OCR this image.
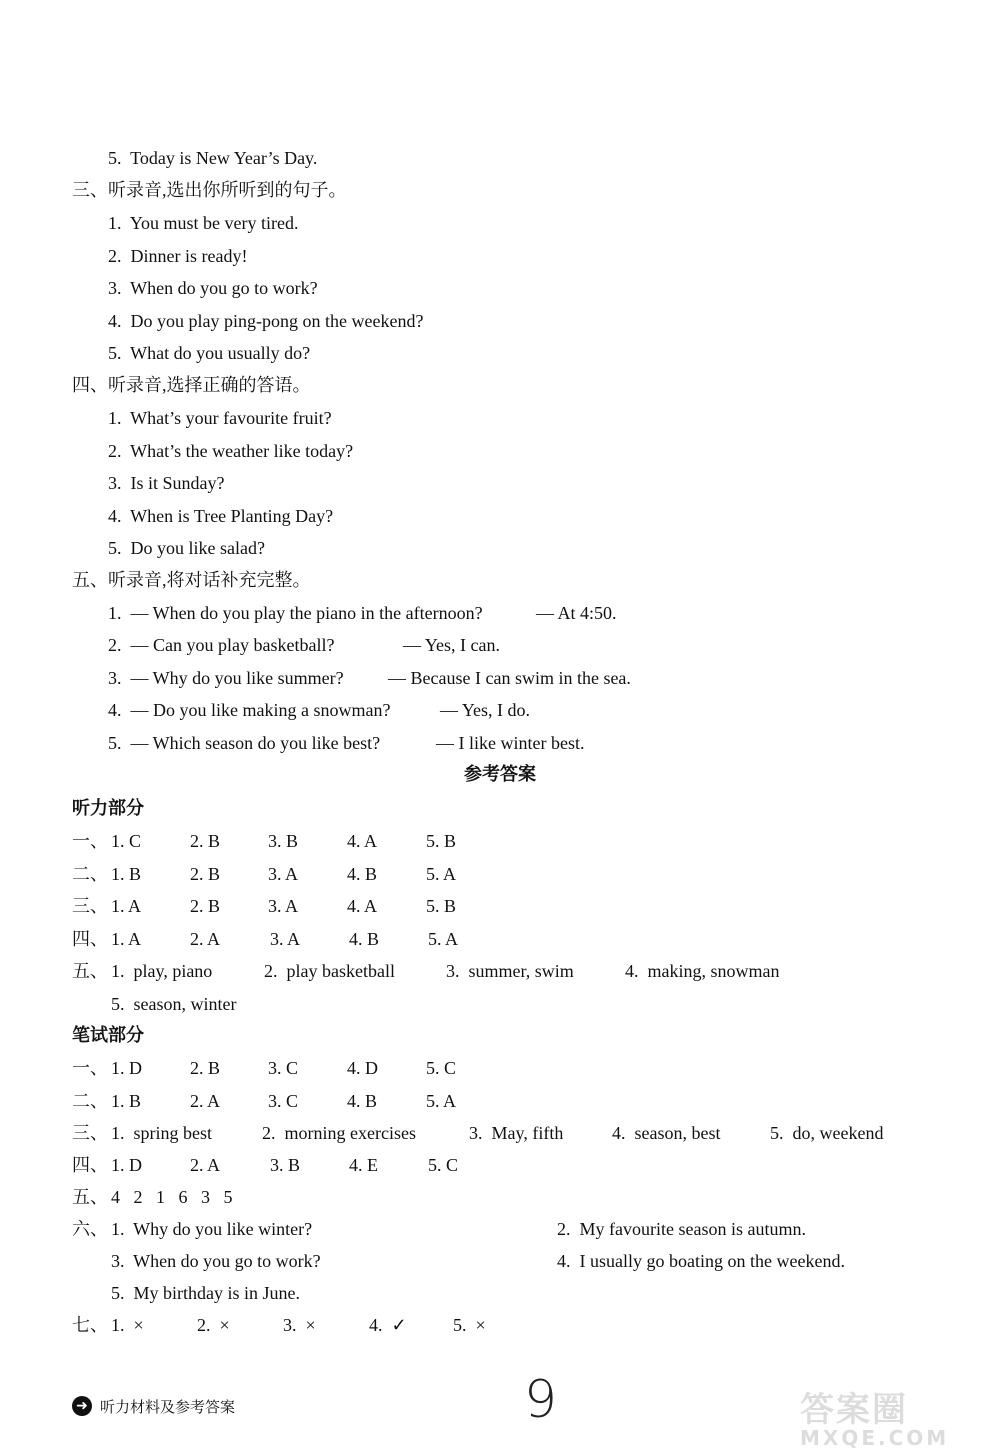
5.  Today is New Year’s Day.
三、听录音,选出你所听到的句子。
1.  You must be very tired.
2.  Dinner is ready!
3.  When do you go to work?
4.  Do you play ping-pong on the weekend?
5.  What do you usually do?
四、听录音,选择正确的答语。
1.  What’s your favourite fruit?
2.  What’s the weather like today?
3.  Is it Sunday?
4.  When is Tree Planting Day?
5.  Do you like salad?
五、听录音,将对话补充完整。
1.  — When do you play the piano in the afternoon?	— At 4:50.
2.  — Can you play basketball?	— Yes, I can.
3.  — Why do you like summer? — Because I can swim in the sea.
4.  — Do you like making a snowman?	— Yes, I do.
5.  — Which season do you like best?	— I like winter best.
参考答案
听力部分
一、 1. C	2. B	3. B	4. A	5. B
二、 1. B	2. B	3. A	4. B	5. A
三、 1. A	2. B	3. A	4. A	5. B
四、 1. A	2. A	3. A	4. B	5. A
五、 1.  play, piano	2.  play basketball	3.  summer, swim	4.  making, snowman
5.  season, winter
笔试部分
一、 1. D	2. B	3. C	4. D	5. C
二、 1. B	2. A	3. C	4. B	5. A
三、 1.  spring best	2.  morning exercises	3.  May, fifth	4.  season, best	5.  do, weekend
四、 1. D	2. A	3. B	4. E	5. C
五、 4   2   1   6   3   5
六、 1.  Why do you like winter?	2.  My favourite season is autumn.
3.  When do you go to work?	4.  I usually go boating on the weekend.
5.  My birthday is in June.
七、 1.  ×	2.  ×	3.  ×	4.  ✓	5.  ×
➜ 听力材料及参考答案	9	答案圈
MXQE.COM
